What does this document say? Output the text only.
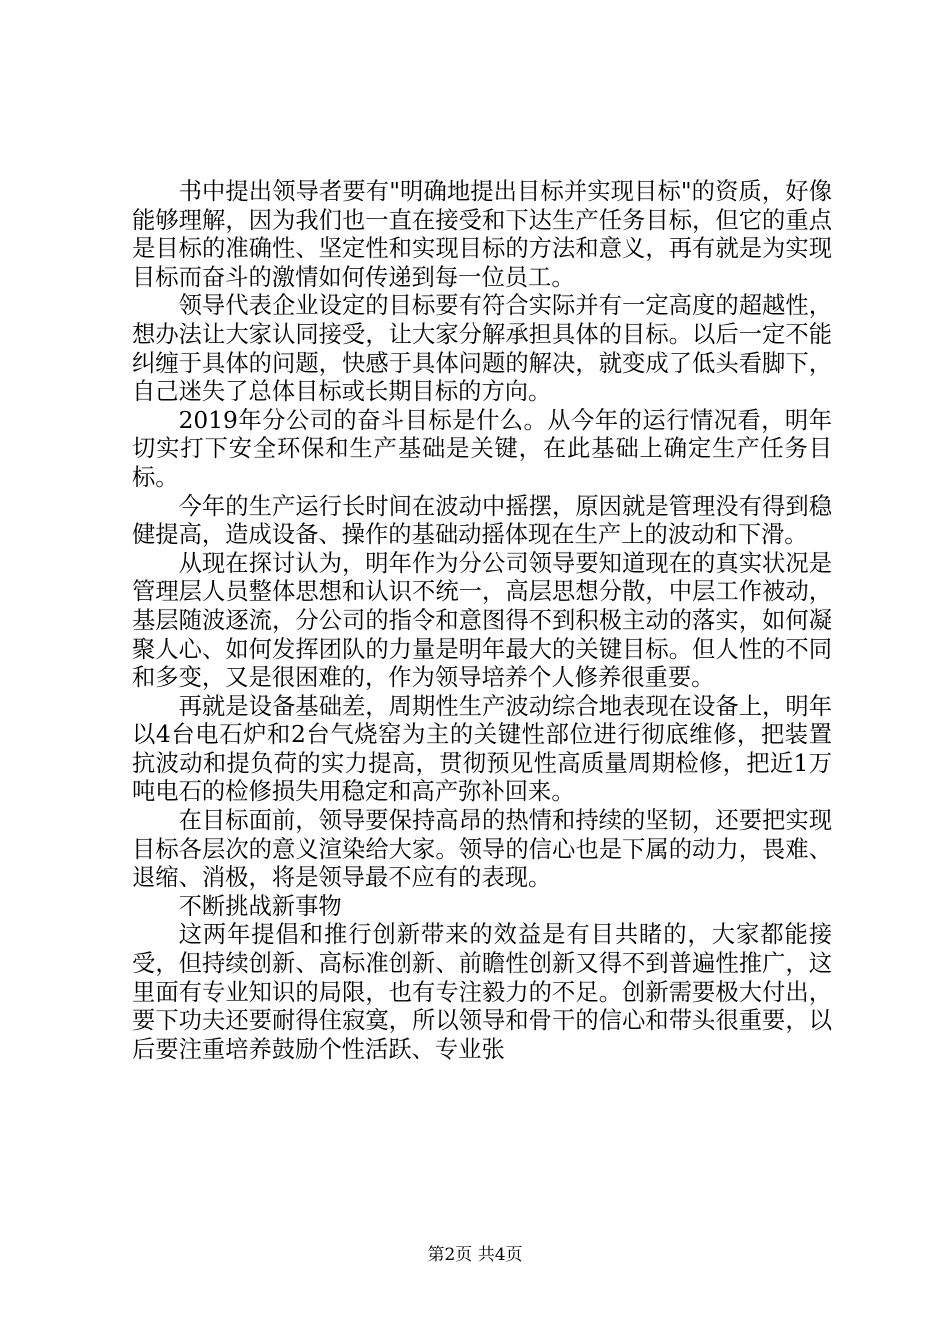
书中提出领导者要有"明确地提出目标并实现目标"的资质，好像能够理解，因为我们也一直在接受和下达生产任务目标，但它的重点是目标的准确性、坚定性和实现目标的方法和意义，再有就是为实现目标而奋斗的激情如何传递到每一位员工。

领导代表企业设定的目标要有符合实际并有一定高度的超越性，想办法让大家认同接受，让大家分解承担具体的目标。以后一定不能纠缠于具体的问题，快感于具体问题的解决，就变成了低头看脚下，自己迷失了总体目标或长期目标的方向。

2019年分公司的奋斗目标是什么。从今年的运行情况看，明年切实打下安全环保和生产基础是关键，在此基础上确定生产任务目标。

今年的生产运行长时间在波动中摇摆，原因就是管理没有得到稳健提高，造成设备、操作的基础动摇体现在生产上的波动和下滑。

从现在探讨认为，明年作为分公司领导要知道现在的真实状况是管理层人员整体思想和认识不统一，高层思想分散，中层工作被动，基层随波逐流，分公司的指令和意图得不到积极主动的落实，如何凝聚人心、如何发挥团队的力量是明年最大的关键目标。但人性的不同和多变，又是很困难的，作为领导培养个人修养很重要。

再就是设备基础差，周期性生产波动综合地表现在设备上，明年以4台电石炉和2台气烧窑为主的关键性部位进行彻底维修，把装置抗波动和提负荷的实力提高，贯彻预见性高质量周期检修，把近1万吨电石的检修损失用稳定和高产弥补回来。

在目标面前，领导要保持高昂的热情和持续的坚韧，还要把实现目标各层次的意义渲染给大家。领导的信心也是下属的动力，畏难、退缩、消极，将是领导最不应有的表现。

不断挑战新事物

这两年提倡和推行创新带来的效益是有目共睹的，大家都能接受，但持续创新、高标准创新、前瞻性创新又得不到普遍性推广，这里面有专业知识的局限，也有专注毅力的不足。创新需要极大付出，要下功夫还要耐得住寂寞，所以领导和骨干的信心和带头很重要，以后要注重培养鼓励个性活跃、专业张

第2页 共4页
